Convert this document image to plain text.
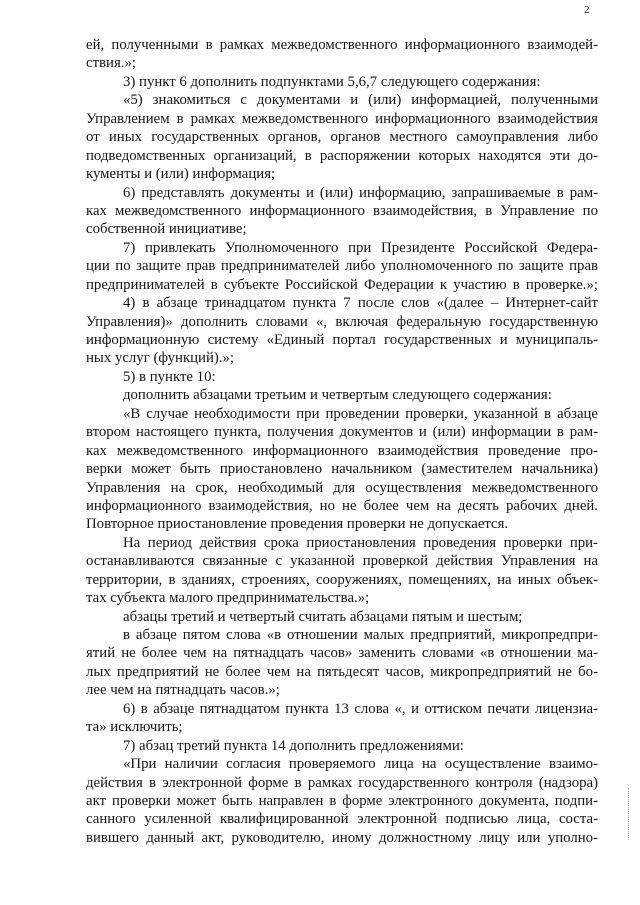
2
ей, полученными в рамках межведомственного информационного взаимодей-
ствия.»;
3) пункт 6 дополнить подпунктами 5,6,7 следующего содержания:
«5) знакомиться с документами и (или) информацией, полученными
Управлением в рамках межведомственного информационного взаимодействия
от иных государственных органов, органов местного самоуправления либо
подведомственных организаций, в распоряжении которых находятся эти до-
кументы и (или) информация;
6) представлять документы и (или) информацию, запрашиваемые в рам-
ках межведомственного информационного взаимодействия, в Управление по
собственной инициативе;
7) привлекать Уполномоченного при Президенте Российской Федера-
ции по защите прав предпринимателей либо уполномоченного по защите прав
предпринимателей в субъекте Российской Федерации к участию в проверке.»;
4) в абзаце тринадцатом пункта 7 после слов «(далее – Интернет-сайт
Управления)» дополнить словами «, включая федеральную государственную
информационную систему «Единый портал государственных и муниципаль-
ных услуг (функций).»;
5) в пункте 10:
дополнить абзацами третьим и четвертым следующего содержания:
«В случае необходимости при проведении проверки, указанной в абзаце
втором настоящего пункта, получения документов и (или) информации в рам-
ках межведомственного информационного взаимодействия проведение про-
верки может быть приостановлено начальником (заместителем начальника)
Управления на срок, необходимый для осуществления межведомственного
информационного взаимодействия, но не более чем на десять рабочих дней.
Повторное приостановление проведения проверки не допускается.
На период действия срока приостановления проведения проверки при-
останавливаются связанные с указанной проверкой действия Управления на
территории, в зданиях, строениях, сооружениях, помещениях, на иных объек-
тах субъекта малого предпринимательства.»;
абзацы третий и четвертый считать абзацами пятым и шестым;
в абзаце пятом слова «в отношении малых предприятий, микропредпри-
ятий не более чем на пятнадцать часов» заменить словами «в отношении ма-
лых предприятий не более чем на пятьдесят часов, микропредприятий не бо-
лее чем на пятнадцать часов.»;
6) в абзаце пятнадцатом пункта 13 слова «, и оттиском печати лицензиа-
та» исключить;
7) абзац третий пункта 14 дополнить предложениями:
«При наличии согласия проверяемого лица на осуществление взаимо-
действия в электронной форме в рамках государственного контроля (надзора)
акт проверки может быть направлен в форме электронного документа, подпи-
санного усиленной квалифицированной электронной подписью лица, соста-
вившего данный акт, руководителю, иному должностному лицу или уполно-
